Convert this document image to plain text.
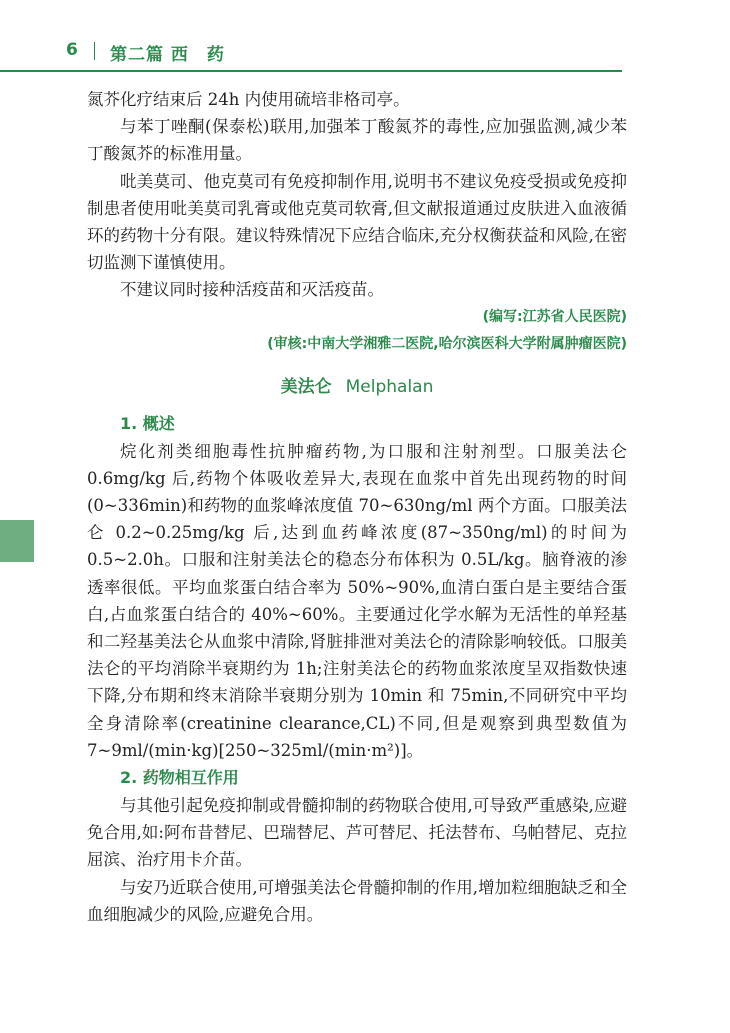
6 第二篇 西　药

氮芥化疗结束后 24h 内使用硫培非格司亭。

与苯丁唑酮(保泰松)联用,加强苯丁酸氮芥的毒性,应加强监测,减少苯丁酸氮芥的标准用量。

吡美莫司、他克莫司有免疫抑制作用,说明书不建议免疫受损或免疫抑制患者使用吡美莫司乳膏或他克莫司软膏,但文献报道通过皮肤进入血液循环的药物十分有限。建议特殊情况下应结合临床,充分权衡获益和风险,在密切监测下谨慎使用。

不建议同时接种活疫苗和灭活疫苗。

(编写:江苏省人民医院)
(审核:中南大学湘雅二医院,哈尔滨医科大学附属肿瘤医院)
美法仑 Melphalan
1. 概述

烷化剂类细胞毒性抗肿瘤药物,为口服和注射剂型。口服美法仑 0.6mg/kg 后,药物个体吸收差异大,表现在血浆中首先出现药物的时间(0~336min)和药物的血浆峰浓度值 70~630ng/ml 两个方面。口服美法仑 0.2~0.25mg/kg 后,达到血药峰浓度(87~350ng/ml)的时间为 0.5~2.0h。口服和注射美法仑的稳态分布体积为 0.5L/kg。脑脊液的渗透率很低。平均血浆蛋白结合率为 50%~90%,血清白蛋白是主要结合蛋白,占血浆蛋白结合的 40%~60%。主要通过化学水解为无活性的单羟基和二羟基美法仑从血浆中清除,肾脏排泄对美法仑的清除影响较低。口服美法仑的平均消除半衰期约为 1h;注射美法仑的药物血浆浓度呈双指数快速下降,分布期和终末消除半衰期分别为 10min 和 75min,不同研究中平均全身清除率(creatinine clearance,CL)不同,但是观察到典型数值为 7~9ml/(min·kg)[250~325ml/(min·m²)]。

2. 药物相互作用

与其他引起免疫抑制或骨髓抑制的药物联合使用,可导致严重感染,应避免合用,如:阿布昔替尼、巴瑞替尼、芦可替尼、托法替布、乌帕替尼、克拉屈滨、治疗用卡介苗。

与安乃近联合使用,可增强美法仑骨髓抑制的作用,增加粒细胞缺乏和全血细胞减少的风险,应避免合用。
